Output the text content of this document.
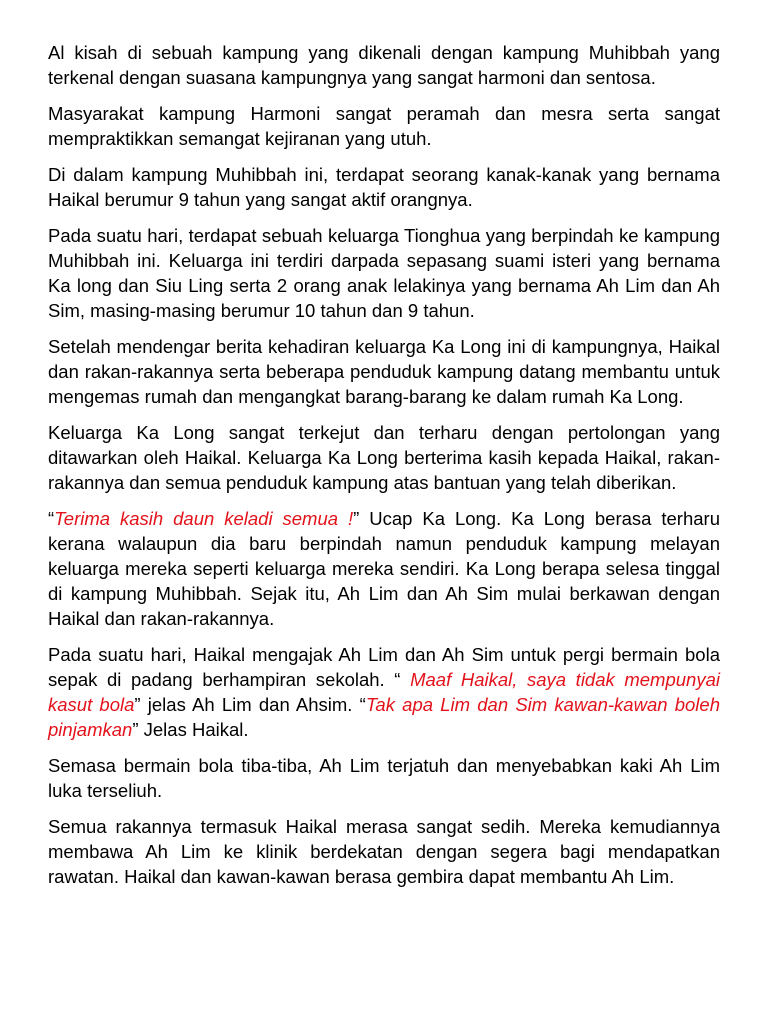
Al kisah di sebuah kampung yang dikenali dengan kampung Muhibbah yang terkenal dengan suasana kampungnya yang sangat harmoni dan sentosa.

Masyarakat kampung Harmoni sangat peramah dan mesra serta sangat mempraktikkan semangat kejiranan yang utuh.

Di dalam kampung Muhibbah ini, terdapat seorang kanak-kanak yang bernama Haikal berumur 9 tahun yang sangat aktif orangnya.

Pada suatu hari, terdapat sebuah keluarga Tionghua yang berpindah ke kampung Muhibbah ini. Keluarga ini terdiri darpada sepasang suami isteri yang bernama Ka long dan Siu Ling serta 2 orang anak lelakinya yang bernama Ah Lim dan Ah Sim, masing-masing berumur 10 tahun dan 9 tahun.

Setelah mendengar berita kehadiran keluarga Ka Long ini di kampungnya, Haikal dan rakan-rakannya serta beberapa penduduk kampung datang membantu untuk mengemas rumah dan mengangkat barang-barang ke dalam rumah Ka Long.

Keluarga Ka Long sangat terkejut dan terharu dengan pertolongan yang ditawarkan oleh Haikal. Keluarga Ka Long berterima kasih kepada Haikal, rakan-rakannya dan semua penduduk kampung atas bantuan yang telah diberikan.

“Terima kasih daun keladi semua !” Ucap Ka Long. Ka Long berasa terharu kerana walaupun dia baru berpindah namun penduduk kampung melayan keluarga mereka seperti keluarga mereka sendiri. Ka Long berapa selesa tinggal di kampung Muhibbah. Sejak itu, Ah Lim dan Ah Sim mulai berkawan dengan Haikal dan rakan-rakannya.

Pada suatu hari, Haikal mengajak Ah Lim dan Ah Sim untuk pergi bermain bola sepak di padang berhampiran sekolah. “ Maaf Haikal, saya tidak mempunyai kasut bola” jelas Ah Lim dan Ahsim. “Tak apa Lim dan Sim kawan-kawan boleh pinjamkan” Jelas Haikal.

Semasa bermain bola tiba-tiba, Ah Lim terjatuh dan menyebabkan kaki Ah Lim luka terseliuh.

Semua rakannya termasuk Haikal merasa sangat sedih. Mereka kemudiannya membawa Ah Lim ke klinik berdekatan dengan segera bagi mendapatkan rawatan. Haikal dan kawan-kawan berasa gembira dapat membantu Ah Lim.
